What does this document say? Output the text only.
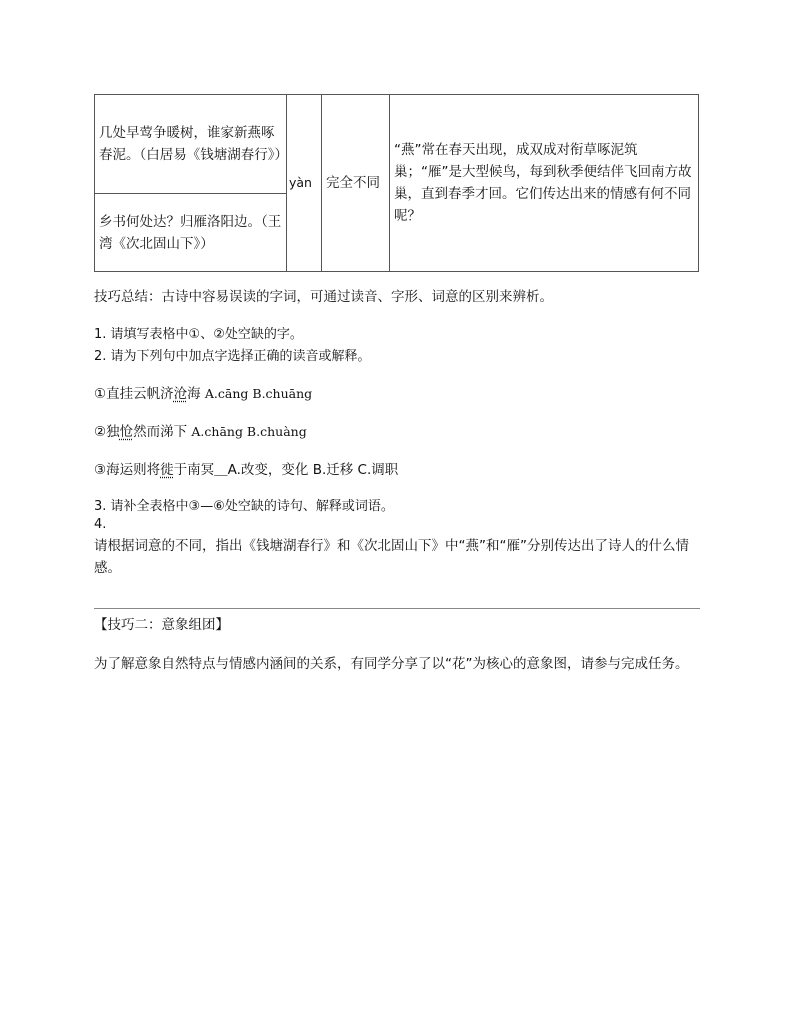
几处早莺争暖树，谁家新燕啄春泥。（白居易《钱塘湖春行》）	yàn	完全不同	“燕”常在春天出现，成双成对衔草啄泥筑巢；“雁”是大型候鸟，每到秋季便结伴飞回南方故巢，直到春季才回。它们传达出来的情感有何不同呢？
乡书何处达？归雁洛阳边。（王湾《次北固山下》）
技巧总结：古诗中容易误读的字词，可通过读音、字形、词意的区别来辨析。
1. 请填写表格中①、②处空缺的字。
2. 请为下列句中加点字选择正确的读音或解释。
①直挂云帆济沧海 A.cāng B.chuāng
②独怆然而涕下 A.chāng B.chuàng
③海运则将徙于南冥＿A.改变，变化 B.迁移 C.调职
3. 请补全表格中③—⑥处空缺的诗句、解释或词语。
4.
请根据词意的不同，指出《钱塘湖春行》和《次北固山下》中“燕”和“雁”分别传达出了诗人的什么情感。
【技巧二：意象组团】
为了解意象自然特点与情感内涵间的关系，有同学分享了以“花”为核心的意象图，请参与完成任务。
